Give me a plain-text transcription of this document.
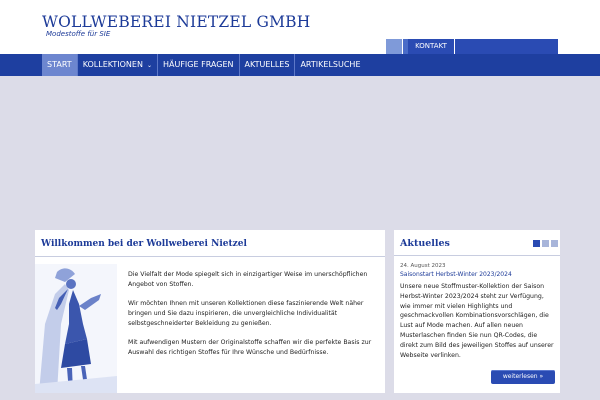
WOLLWEBEREI NIETZEL GMBH
Modestoffe für SIE
KONTAKT
START	KOLLEKTIONEN ⌄	HÄUFIGE FRAGEN	AKTUELLES	ARTIKELSUCHE
Willkommen bei der Wollweberei Nietzel

Die Vielfalt der Mode spiegelt sich in einzigartiger Weise im unerschöpflichen Angebot von Stoffen.

Wir möchten Ihnen mit unseren Kollektionen diese faszinierende Welt näher bringen und Sie dazu inspirieren, die unvergleichliche Individualität selbstgeschneiderter Bekleidung zu genießen.

Mit aufwendigen Mustern der Originalstoffe schaffen wir die perfekte Basis zur Auswahl des richtigen Stoffes für Ihre Wünsche und Bedürfnisse.

Aktuelles
24. August 2023
Saisonstart Herbst-Winter 2023/2024
Unsere neue Stoffmuster-Kollektion der Saison Herbst-Winter 2023/2024 steht zur Verfügung, wie immer mit vielen Highlights und geschmackvollen Kombinationsvorschlägen, die Lust auf Mode machen. Auf allen neuen Musterlaschen finden Sie nun QR-Codes, die direkt zum Bild des jeweiligen Stoffes auf unserer Webseite verlinken.
weiterlesen »
